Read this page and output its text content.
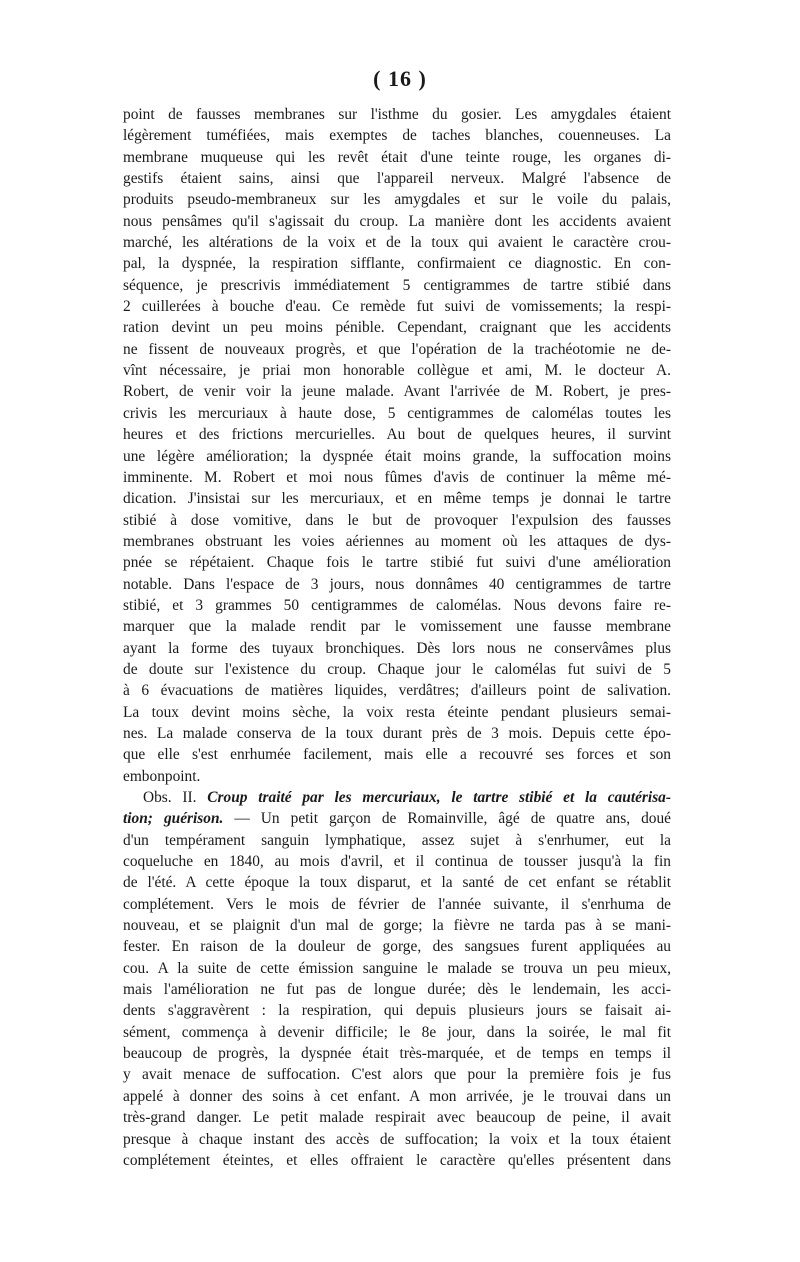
( 16 )
point de fausses membranes sur l'isthme du gosier. Les amygdales étaient
légèrement tuméfiées, mais exemptes de taches blanches, couenneuses. La
membrane muqueuse qui les revêt était d'une teinte rouge, les organes di-
gestifs étaient sains, ainsi que l'appareil nerveux. Malgré l'absence de
produits pseudo-membraneux sur les amygdales et sur le voile du palais,
nous pensâmes qu'il s'agissait du croup. La manière dont les accidents avaient
marché, les altérations de la voix et de la toux qui avaient le caractère crou-
pal, la dyspnée, la respiration sifflante, confirmaient ce diagnostic. En con-
séquence, je prescrivis immédiatement 5 centigrammes de tartre stibié dans
2 cuillerées à bouche d'eau. Ce remède fut suivi de vomissements; la respi-
ration devint un peu moins pénible. Cependant, craignant que les accidents
ne fissent de nouveaux progrès, et que l'opération de la trachéotomie ne de-
vînt nécessaire, je priai mon honorable collègue et ami, M. le docteur A.
Robert, de venir voir la jeune malade. Avant l'arrivée de M. Robert, je pres-
crivis les mercuriaux à haute dose, 5 centigrammes de calomélas toutes les
heures et des frictions mercurielles. Au bout de quelques heures, il survint
une légère amélioration; la dyspnée était moins grande, la suffocation moins
imminente. M. Robert et moi nous fûmes d'avis de continuer la même mé-
dication. J'insistai sur les mercuriaux, et en même temps je donnai le tartre
stibié à dose vomitive, dans le but de provoquer l'expulsion des fausses
membranes obstruant les voies aériennes au moment où les attaques de dys-
pnée se répétaient. Chaque fois le tartre stibié fut suivi d'une amélioration
notable. Dans l'espace de 3 jours, nous donnâmes 40 centigrammes de tartre
stibié, et 3 grammes 50 centigrammes de calomélas. Nous devons faire re-
marquer que la malade rendit par le vomissement une fausse membrane
ayant la forme des tuyaux bronchiques. Dès lors nous ne conservâmes plus
de doute sur l'existence du croup. Chaque jour le calomélas fut suivi de 5
à 6 évacuations de matières liquides, verdâtres; d'ailleurs point de salivation.
La toux devint moins sèche, la voix resta éteinte pendant plusieurs semai-
nes. La malade conserva de la toux durant près de 3 mois. Depuis cette épo-
que elle s'est enrhumée facilement, mais elle a recouvré ses forces et son
embonpoint.
Obs. II. Croup traité par les mercuriaux, le tartre stibié et la cautérisa-
tion; guérison. — Un petit garçon de Romainville, âgé de quatre ans, doué
d'un tempérament sanguin lymphatique, assez sujet à s'enrhumer, eut la
coqueluche en 1840, au mois d'avril, et il continua de tousser jusqu'à la fin
de l'été. A cette époque la toux disparut, et la santé de cet enfant se rétablit
complétement. Vers le mois de février de l'année suivante, il s'enrhuma de
nouveau, et se plaignit d'un mal de gorge; la fièvre ne tarda pas à se mani-
fester. En raison de la douleur de gorge, des sangsues furent appliquées au
cou. A la suite de cette émission sanguine le malade se trouva un peu mieux,
mais l'amélioration ne fut pas de longue durée; dès le lendemain, les acci-
dents s'aggravèrent : la respiration, qui depuis plusieurs jours se faisait ai-
sément, commença à devenir difficile; le 8e jour, dans la soirée, le mal fit
beaucoup de progrès, la dyspnée était très-marquée, et de temps en temps il
y avait menace de suffocation. C'est alors que pour la première fois je fus
appelé à donner des soins à cet enfant. A mon arrivée, je le trouvai dans un
très-grand danger. Le petit malade respirait avec beaucoup de peine, il avait
presque à chaque instant des accès de suffocation; la voix et la toux étaient
complétement éteintes, et elles offraient le caractère qu'elles présentent dans
